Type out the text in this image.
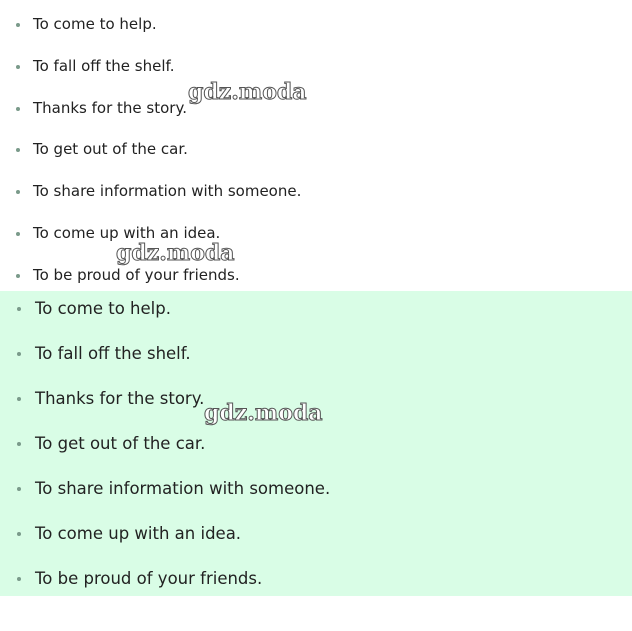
To come to help.
To fall off the shelf.
Thanks for the story.
To get out of the car.
To share information with someone.
To come up with an idea.
To be proud of your friends.
To come to help.
To fall off the shelf.
Thanks for the story.
To get out of the car.
To share information with someone.
To come up with an idea.
To be proud of your friends.
gdz.moda
gdz.moda
gdz.moda
